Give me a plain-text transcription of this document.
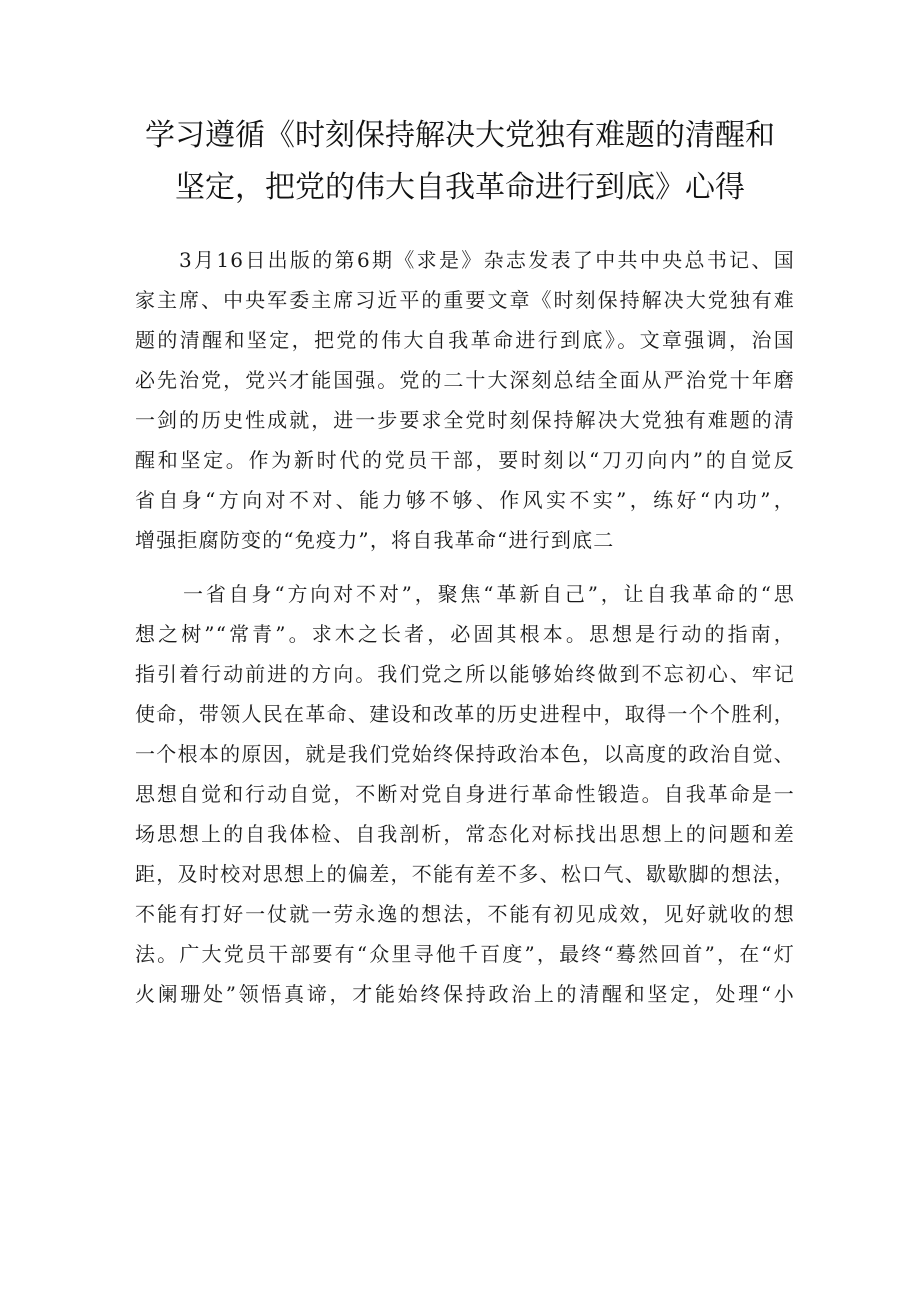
学习遵循《时刻保持解决大党独有难题的清醒和
坚定，把党的伟大自我革命进行到底》心得
3月16日出版的第6期《求是》杂志发表了中共中央总书记、国
家主席、中央军委主席习近平的重要文章《时刻保持解决大党独有难
题的清醒和坚定，把党的伟大自我革命进行到底》。文章强调，治国
必先治党，党兴才能国强。党的二十大深刻总结全面从严治党十年磨
一剑的历史性成就，进一步要求全党时刻保持解决大党独有难题的清
醒和坚定。作为新时代的党员干部，要时刻以“刀刃向内”的自觉反
省自身“方向对不对、能力够不够、作风实不实”，练好“内功”，
增强拒腐防变的“免疫力”，将自我革命“进行到底二
一省自身“方向对不对”，聚焦“革新自己”，让自我革命的“思
想之树”“常青”。求木之长者，必固其根本。思想是行动的指南，
指引着行动前进的方向。我们党之所以能够始终做到不忘初心、牢记
使命，带领人民在革命、建设和改革的历史进程中，取得一个个胜利，
一个根本的原因，就是我们党始终保持政治本色，以高度的政治自觉、
思想自觉和行动自觉，不断对党自身进行革命性锻造。自我革命是一
场思想上的自我体检、自我剖析，常态化对标找出思想上的问题和差
距，及时校对思想上的偏差，不能有差不多、松口气、歇歇脚的想法，
不能有打好一仗就一劳永逸的想法，不能有初见成效，见好就收的想
法。广大党员干部要有“众里寻他千百度”，最终“蓦然回首”，在“灯
火阑珊处”领悟真谛，才能始终保持政治上的清醒和坚定，处理“小
